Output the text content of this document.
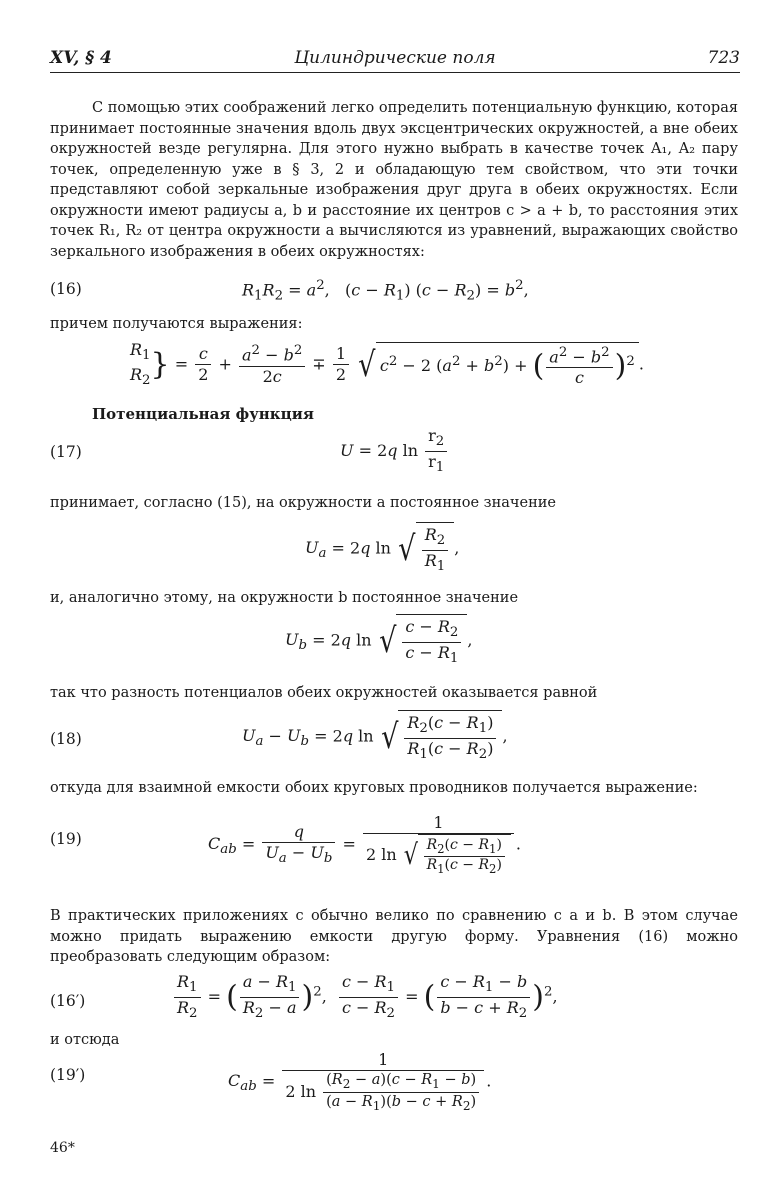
XV, § 4	Цилиндрические поля	723
С помощью этих соображений легко определить потенциальную функцию, которая принимает постоянные значения вдоль двух эксцентрических окружностей, а вне обеих окружностей везде регулярна. Для этого нужно выбрать в качестве точек A₁, A₂ пару точек, определенную уже в § 3, 2 и обладающую тем свойством, что эти точки представляют собой зеркальные изображения друг друга в обеих окружностях. Если окружности имеют радиусы a, b и расстояние их центров c > a + b, то расстояния этих точек R₁, R₂ от центра окружности a вычисляются из уравнений, выражающих свойство зеркального изображения в обеих окружностях:
(16)	$R_1R_2 = a^2$,   $(c - R_1)$ $(c - R_2) = b^2$,
причем получаются выражения:
$R_1$
$R_2$ } = $\frac{c}{2} + \frac{a^2 - b^2}{2c} \mp \frac{1}{2}$ √ $c^2 - 2$ $(a^2 + b^2)$ + ( $\frac{a^2 - b^2}{c} )^2$ .
Потенциальная функция
(17)	U = 2q $\ln \frac{r_2}{r_1}$
принимает, согласно (15), на окружности a постоянное значение
$U_a = 2q$ ln √ $\frac{R_2}{R_1}$ ,
и, аналогично этому, на окружности b постоянное значение
$U_b = 2q$ ln √ $\frac{c - R_2}{c - R_1}$ ,
так что разность потенциалов обеих окружностей оказывается равной
(18)	$U_a - U_b = 2q$ ln √ $\frac{R_2(c - R_1)}{R_1(c - R_2)}$ ,
откуда для взаимной емкости обоих круговых проводников получается выражение:
(19)	$C_{ab} = \frac{q}{U_a - U_b} = \frac{1}{2 \ln √ \frac{R_2(c - R_1)}{R_1(c - R_2)}}$ .
В практических приложениях c обычно велико по сравнению с a и b. В этом случае можно придать выражению емкости другую форму. Уравнения (16) можно преобразовать следующим образом:
(16′)	$\frac{R_1}{R_2}$ = ( $\frac{a - R_1}{R_2 - a} )^2$, $\frac{c - R_1}{c - R_2}$ = ( $\frac{c - R_1 - b}{b - c + R_2} )^2$,
и отсюда
(19′)	$C_{ab} = \frac{1}{2 \ln \frac{(R_2 - a)(c - R_1 - b)}{(a - R_1)(b - c + R_2)}}$ .
46*
